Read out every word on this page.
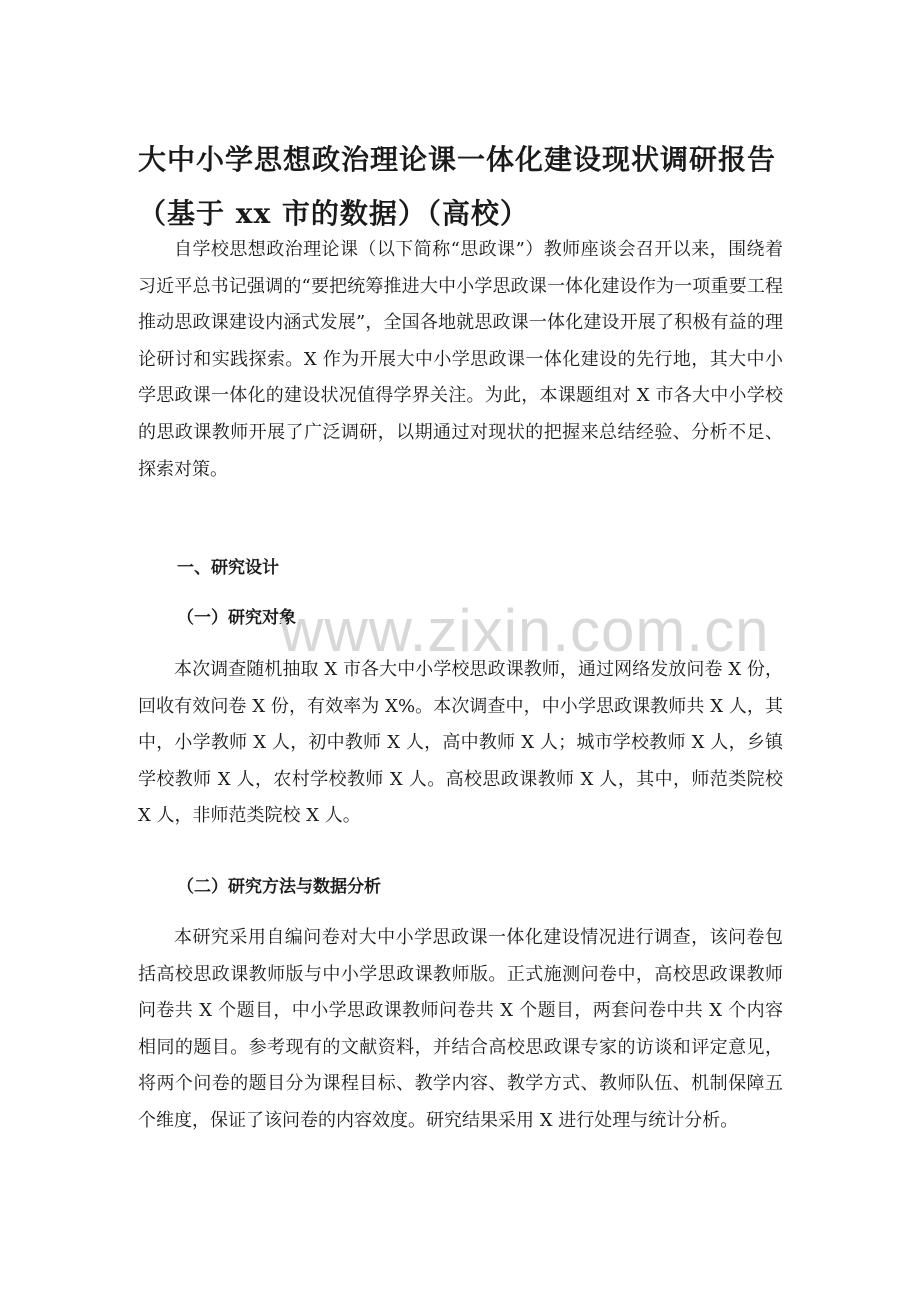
大中小学思想政治理论课一体化建设现状调研报告
（基于 xx 市的数据）（高校）

自学校思想政治理论课（以下简称“思政课”）教师座谈会召开以来，围绕着习近平总书记强调的“要把统筹推进大中小学思政课一体化建设作为一项重要工程推动思政课建设内涵式发展”，全国各地就思政课一体化建设开展了积极有益的理论研讨和实践探索。X 作为开展大中小学思政课一体化建设的先行地，其大中小学思政课一体化的建设状况值得学界关注。为此，本课题组对 X 市各大中小学校的思政课教师开展了广泛调研，以期通过对现状的把握来总结经验、分析不足、探索对策。

一、研究设计
（一）研究对象

本次调查随机抽取 X 市各大中小学校思政课教师，通过网络发放问卷 X 份，回收有效问卷 X 份，有效率为 X%。本次调查中，中小学思政课教师共 X 人，其中，小学教师 X 人，初中教师 X 人，高中教师 X 人；城市学校教师 X 人，乡镇学校教师 X 人，农村学校教师 X 人。高校思政课教师 X 人，其中，师范类院校 X 人，非师范类院校 X 人。

（二）研究方法与数据分析

本研究采用自编问卷对大中小学思政课一体化建设情况进行调查，该问卷包括高校思政课教师版与中小学思政课教师版。正式施测问卷中，高校思政课教师问卷共 X 个题目，中小学思政课教师问卷共 X 个题目，两套问卷中共 X 个内容相同的题目。参考现有的文献资料，并结合高校思政课专家的访谈和评定意见，将两个问卷的题目分为课程目标、教学内容、教学方式、教师队伍、机制保障五个维度，保证了该问卷的内容效度。研究结果采用 X 进行处理与统计分析。

www.zixin.com.cn
